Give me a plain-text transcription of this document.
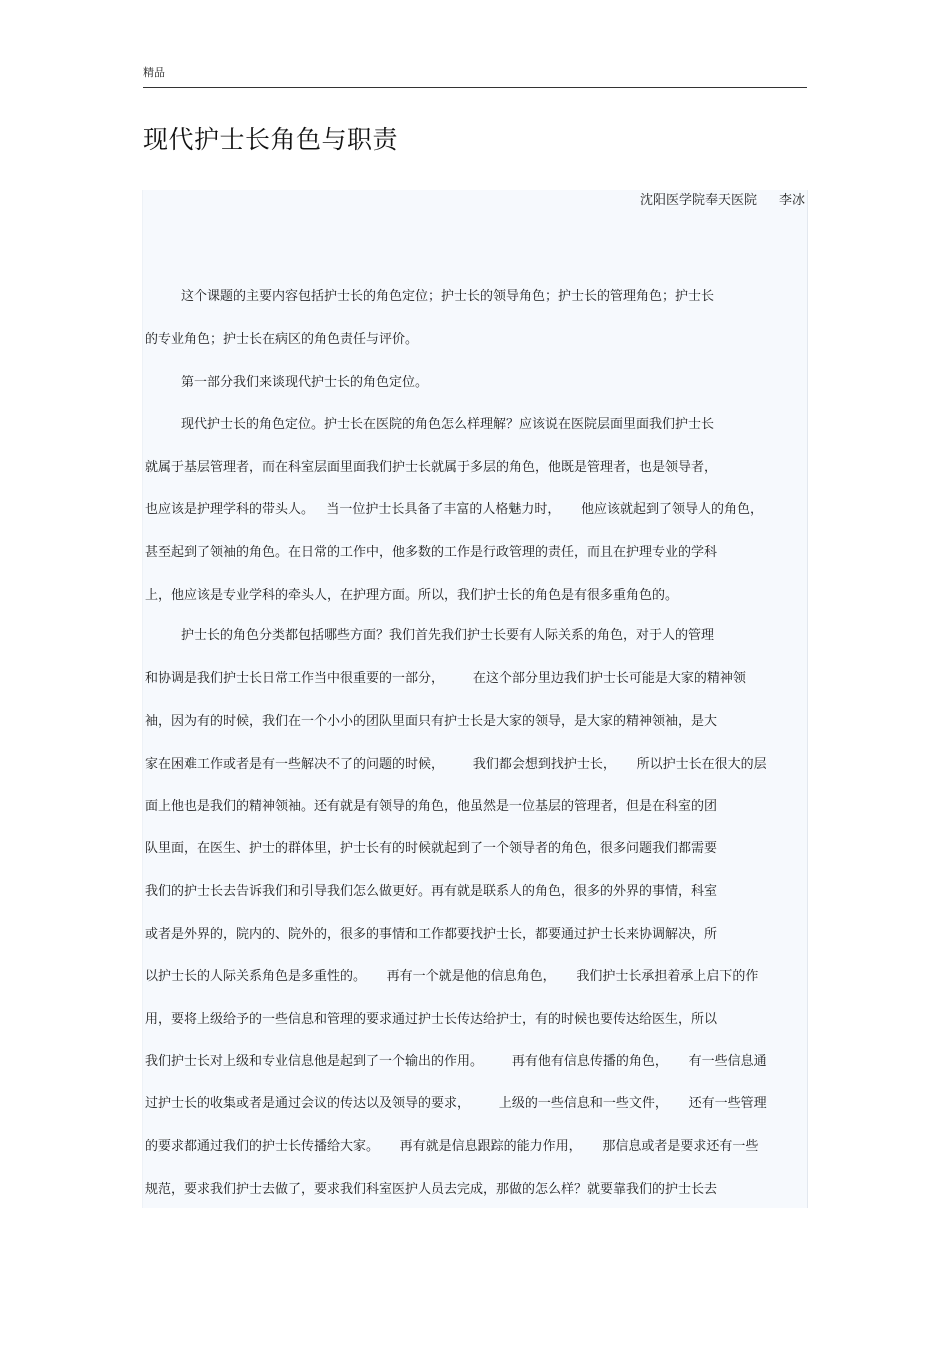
精品
现代护士长角色与职责
沈阳医学院奉天医院 李冰
这个课题的主要内容包括护士长的角色定位；护士长的领导角色；护士长的管理角色；护士长
的专业角色；护士长在病区的角色责任与评价。
第一部分我们来谈现代护士长的角色定位。
现代护士长的角色定位。护士长在医院的角色怎么样理解？应该说在医院层面里面我们护士长
就属于基层管理者，而在科室层面里面我们护士长就属于多层的角色，他既是管理者，也是领导者，
也应该是护理学科的带头人。   当一位护士长具备了丰富的人格魅力时，     他应该就起到了领导人的角色，
甚至起到了领袖的角色。在日常的工作中，他多数的工作是行政管理的责任，而且在护理专业的学科
上，他应该是专业学科的牵头人，在护理方面。所以，我们护士长的角色是有很多重角色的。
护士长的角色分类都包括哪些方面？我们首先我们护士长要有人际关系的角色，对于人的管理
和协调是我们护士长日常工作当中很重要的一部分，       在这个部分里边我们护士长可能是大家的精神领
袖，因为有的时候，我们在一个小小的团队里面只有护士长是大家的领导，是大家的精神领袖，是大
家在困难工作或者是有一些解决不了的问题的时候，       我们都会想到找护士长，     所以护士长在很大的层
面上他也是我们的精神领袖。还有就是有领导的角色，他虽然是一位基层的管理者，但是在科室的团
队里面，在医生、护士的群体里，护士长有的时候就起到了一个领导者的角色，很多问题我们都需要
我们的护士长去告诉我们和引导我们怎么做更好。再有就是联系人的角色，很多的外界的事情，科室
或者是外界的，院内的、院外的，很多的事情和工作都要找护士长，都要通过护士长来协调解决，所
以护士长的人际关系角色是多重性的。     再有一个就是他的信息角色，     我们护士长承担着承上启下的作
用，要将上级给予的一些信息和管理的要求通过护士长传达给护士，有的时候也要传达给医生，所以
我们护士长对上级和专业信息他是起到了一个输出的作用。       再有他有信息传播的角色，     有一些信息通
过护士长的收集或者是通过会议的传达以及领导的要求，       上级的一些信息和一些文件，     还有一些管理
的要求都通过我们的护士长传播给大家。     再有就是信息跟踪的能力作用，     那信息或者是要求还有一些
规范，要求我们护士去做了，要求我们科室医护人员去完成，那做的怎么样？就要靠我们的护士长去
